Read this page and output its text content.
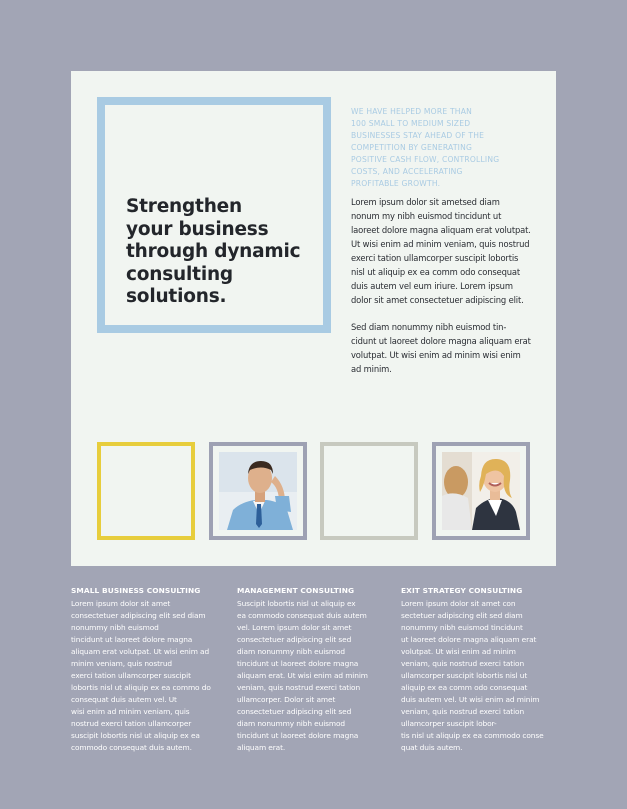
Strengthen
your business
through dynamic
consulting
solutions.
WE HAVE HELPED MORE THAN
100 SMALL TO MEDIUM SIZED
BUSINESSES STAY AHEAD OF THE
COMPETITION BY GENERATING
POSITIVE CASH FLOW, CONTROLLING
COSTS, AND ACCELERATING
PROFITABLE GROWTH.
Lorem ipsum dolor sit ametsed diam
nonum my nibh euismod tincidunt ut
laoreet dolore magna aliquam erat volutpat.
Ut wisi enim ad minim veniam, quis nostrud
exerci tation ullamcorper suscipit lobortis
nisl ut aliquip ex ea comm odo consequat
duis autem vel eum iriure. Lorem ipsum
dolor sit amet consectetuer adipiscing elit.
Sed diam nonummy nibh euismod tin-
cidunt ut laoreet dolore magna aliquam erat
volutpat. Ut wisi enim ad minim wisi enim
ad minim.
SMALL BUSINESS CONSULTING
Lorem ipsum dolor sit amet
consectetuer adipiscing elit sed diam
nonummy nibh euismod
tincidunt ut laoreet dolore magna
aliquam erat volutpat. Ut wisi enim ad
minim veniam, quis nostrud
exerci tation ullamcorper suscipit
lobortis nisl ut aliquip ex ea commo do
consequat duis autem vel. Ut
wisi enim ad minim veniam, quis
nostrud exerci tation ullamcorper
suscipit lobortis nisl ut aliquip ex ea
commodo consequat duis autem.
MANAGEMENT CONSULTING
Suscipit lobortis nisl ut aliquip ex
ea commodo consequat duis autem
vel. Lorem ipsum dolor sit amet
consectetuer adipiscing elit sed
diam nonummy nibh euismod
tincidunt ut laoreet dolore magna
aliquam erat. Ut wisi enim ad minim
veniam, quis nostrud exerci tation
ullamcorper. Dolor sit amet
consectetuer adipiscing elit sed
diam nonummy nibh euismod
tincidunt ut laoreet dolore magna
aliquam erat.
EXIT STRATEGY CONSULTING
Lorem ipsum dolor sit amet con
sectetuer adipiscing elit sed diam
nonummy nibh euismod tincidunt
ut laoreet dolore magna aliquam erat
volutpat. Ut wisi enim ad minim
veniam, quis nostrud exerci tation
ullamcorper suscipit lobortis nisl ut
aliquip ex ea comm odo consequat
duis autem vel. Ut wisi enim ad minim
veniam, quis nostrud exerci tation
ullamcorper suscipit lobor-
tis nisl ut aliquip ex ea commodo conse
quat duis autem.
